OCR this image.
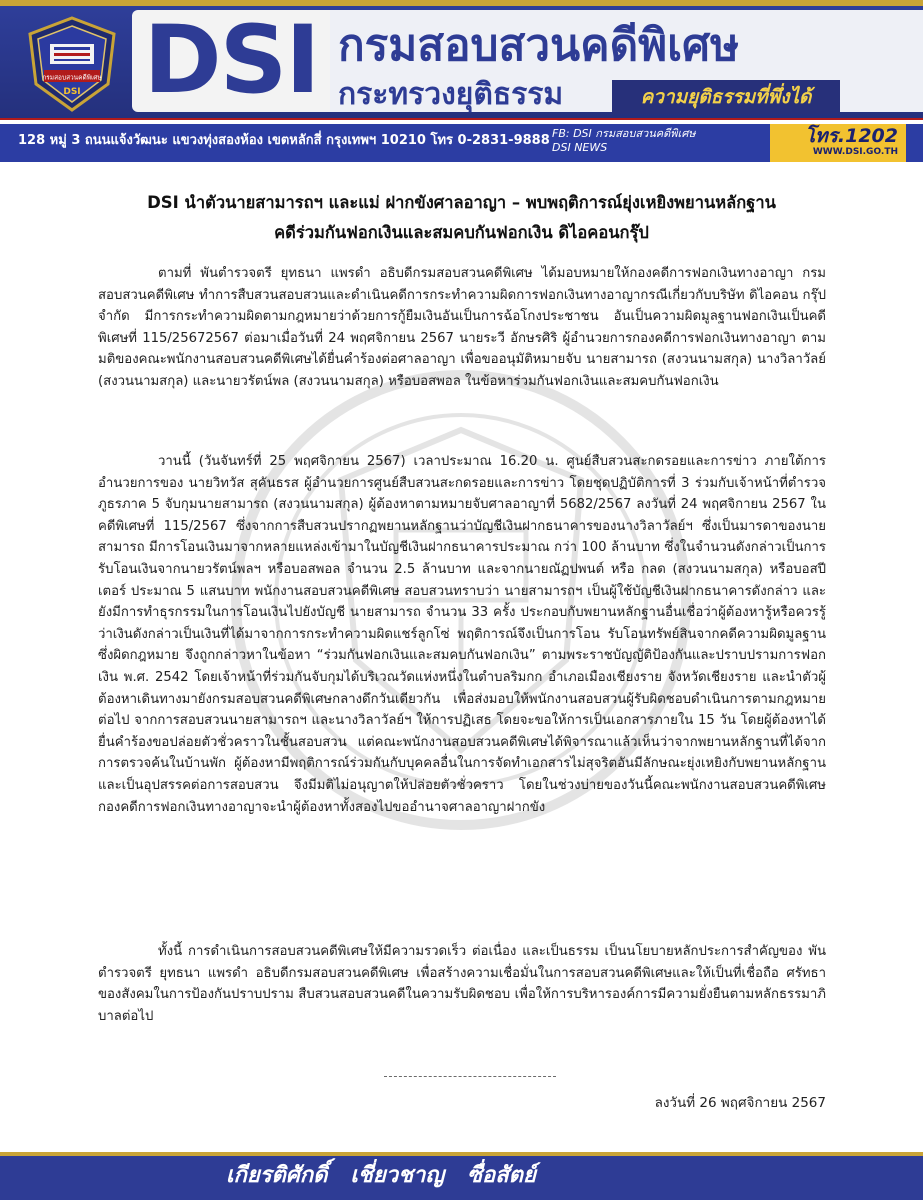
กรมสอบสวนคดีพิเศษ
DSI DSI กรมสอบสวนคดีพิเศษ
กระทรวงยุติธรรม	ความยุติธรรมที่พึ่งได้
128 หมู่ 3 ถนนแจ้งวัฒนะ แขวงทุ่งสองห้อง เขตหลักสี่ กรุงเทพฯ 10210 โทร 0-2831-9888 FB: DSI กรมสอบสวนคดีพิเศษ
DSI NEWS
โทร.1202
WWW.DSI.GO.TH
DSI นำตัวนายสามารถฯ และแม่ ฝากขังศาลอาญา – พบพฤติการณ์ยุ่งเหยิงพยานหลักฐาน
คดีร่วมกันฟอกเงินและสมคบกันฟอกเงิน ดิไอคอนกรุ๊ป
ตามที่ พันตำรวจตรี ยุทธนา แพรดำ อธิบดีกรมสอบสวนคดีพิเศษ ได้มอบหมายให้กองคดีการฟอกเงินทางอาญา กรมสอบสวนคดีพิเศษ ทำการสืบสวนสอบสวนและดำเนินคดีการกระทำความผิดการฟอกเงินทางอาญากรณีเกี่ยวกับบริษัท ดิไอคอน กรุ๊ป จำกัด มีการกระทำความผิดตามกฎหมายว่าด้วยการกู้ยืมเงินอันเป็นการฉ้อโกงประชาชน อันเป็นความผิดมูลฐานฟอกเงินเป็นคดีพิเศษที่ 115/25672567 ต่อมาเมื่อวันที่ 24 พฤศจิกายน 2567 นายระวี อักษรศิริ ผู้อำนวยการกองคดีการฟอกเงินทางอาญา ตามมติของคณะพนักงานสอบสวนคดีพิเศษได้ยื่นคำร้องต่อศาลอาญา เพื่อขออนุมัติหมายจับ นายสามารถ (สงวนนามสกุล) นางวิลาวัลย์ (สงวนนามสกุล) และนายวรัตน์พล (สงวนนามสกุล) หรือบอสพอล ในข้อหาร่วมกันฟอกเงินและสมคบกันฟอกเงิน
วานนี้ (วันจันทร์ที่ 25 พฤศจิกายน 2567) เวลาประมาณ 16.20 น. ศูนย์สืบสวนสะกดรอยและการข่าว ภายใต้การอำนวยการของ นายวิทวัส สุคันธรส ผู้อำนวยการศูนย์สืบสวนสะกดรอยและการข่าว โดยชุดปฏิบัติการที่ 3 ร่วมกับเจ้าหน้าที่ตำรวจภูธรภาค 5 จับกุมนายสามารถ (สงวนนามสกุล) ผู้ต้องหาตามหมายจับศาลอาญาที่ 5682/2567 ลงวันที่ 24 พฤศจิกายน 2567 ในคดีพิเศษที่ 115/2567 ซึ่งจากการสืบสวนปรากฏพยานหลักฐานว่าบัญชีเงินฝากธนาคารของนางวิลาวัลย์ฯ ซึ่งเป็นมารดาของนายสามารถ มีการโอนเงินมาจากหลายแหล่งเข้ามาในบัญชีเงินฝากธนาคารประมาณ กว่า 100 ล้านบาท ซึ่งในจำนวนดังกล่าวเป็นการรับโอนเงินจากนายวรัตน์พลฯ หรือบอสพอล จำนวน 2.5 ล้านบาท และจากนายณัฏปพนต์ หรือ กลด (สงวนนามสกุล) หรือบอสปีเตอร์ ประมาณ 5 แสนบาท พนักงานสอบสวนคดีพิเศษ สอบสวนทราบว่า นายสามารถฯ เป็นผู้ใช้บัญชีเงินฝากธนาคารดังกล่าว และยังมีการทำธุรกรรมในการโอนเงินไปยังบัญชี นายสามารถ จำนวน 33 ครั้ง ประกอบกับพยานหลักฐานอื่นเชื่อว่าผู้ต้องหารู้หรือควรรู้ว่าเงินดังกล่าวเป็นเงินที่ได้มาจากการกระทำความผิดแชร์ลูกโซ่ พฤติการณ์จึงเป็นการโอน รับโอนทรัพย์สินจากคดีความผิดมูลฐานซึ่งผิดกฎหมาย จึงถูกกล่าวหาในข้อหา “ร่วมกันฟอกเงินและสมคบกันฟอกเงิน” ตามพระราชบัญญัติป้องกันและปราบปรามการฟอกเงิน พ.ศ. 2542 โดยเจ้าหน้าที่ร่วมกันจับกุมได้บริเวณวัดแห่งหนึ่งในตำบลริมกก อำเภอเมืองเชียงราย จังหวัดเชียงราย และนำตัวผู้ต้องหาเดินทางมายังกรมสอบสวนคดีพิเศษกลางดึกวันเดียวกัน เพื่อส่งมอบให้พนักงานสอบสวนผู้รับผิดชอบดำเนินการตามกฎหมายต่อไป จากการสอบสวนนายสามารถฯ และนางวิลาวัลย์ฯ ให้การปฏิเสธ โดยจะขอให้การเป็นเอกสารภายใน 15 วัน โดยผู้ต้องหาได้ยื่นคำร้องขอปล่อยตัวชั่วคราวในชั้นสอบสวน แต่คณะพนักงานสอบสวนคดีพิเศษได้พิจารณาแล้วเห็นว่าจากพยานหลักฐานที่ได้จากการตรวจค้นในบ้านพัก ผู้ต้องหามีพฤติการณ์ร่วมกันกับบุคคลอื่นในการจัดทำเอกสารไม่สุจริตอันมีลักษณะยุ่งเหยิงกับพยานหลักฐานและเป็นอุปสรรคต่อการสอบสวน จึงมีมติไม่อนุญาตให้ปล่อยตัวชั่วคราว โดยในช่วงบ่ายของวันนี้คณะพนักงานสอบสวนคดีพิเศษ กองคดีการฟอกเงินทางอาญาจะนำผู้ต้องหาทั้งสองไปขออำนาจศาลอาญาฝากขัง
ทั้งนี้ การดำเนินการสอบสวนคดีพิเศษให้มีความรวดเร็ว ต่อเนื่อง และเป็นธรรม เป็นนโยบายหลักประการสำคัญของ พันตำรวจตรี ยุทธนา แพรดำ อธิบดีกรมสอบสวนคดีพิเศษ เพื่อสร้างความเชื่อมั่นในการสอบสวนคดีพิเศษและให้เป็นที่เชื่อถือ ศรัทธาของสังคมในการป้องกันปราบปราม สืบสวนสอบสวนคดีในความรับผิดชอบ เพื่อให้การบริหารองค์การมีความยั่งยืนตามหลักธรรมาภิบาลต่อไป
ลงวันที่ 26 พฤศจิกายน 2567
เกียรติศักดิ์   เชี่ยวชาญ   ซื่อสัตย์
